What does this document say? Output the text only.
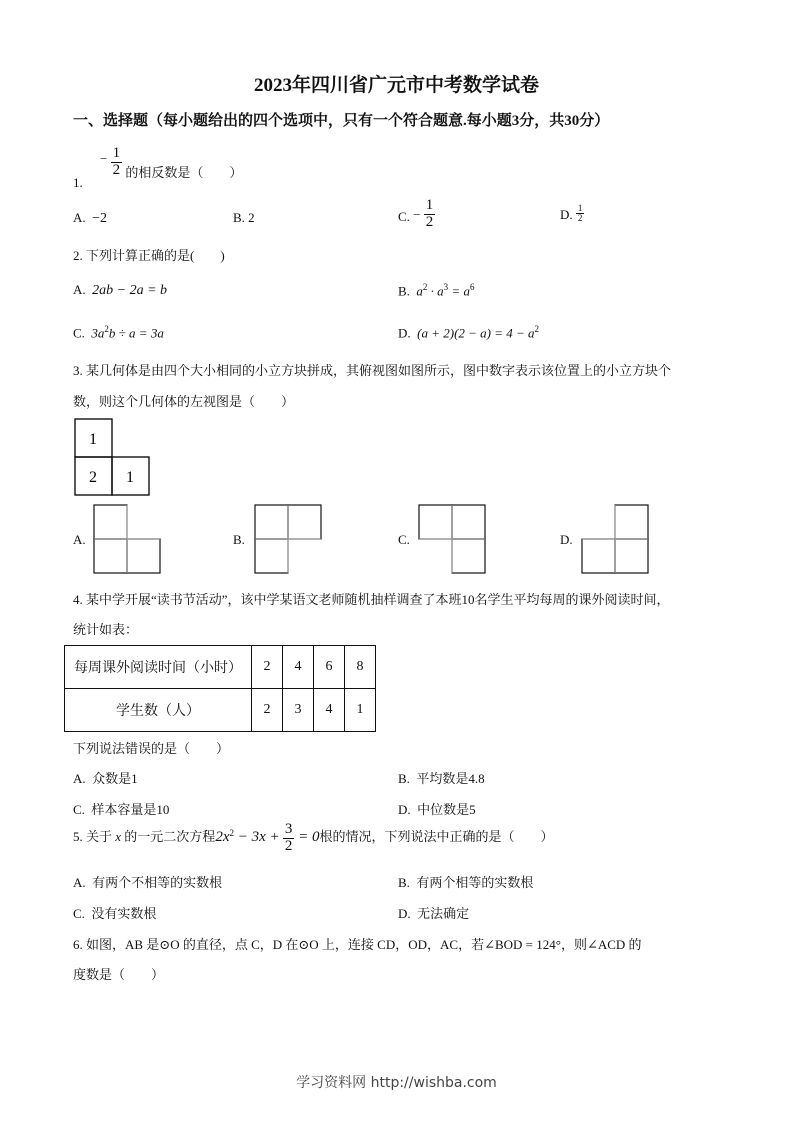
2023年四川省广元市中考数学试卷
一、选择题（每小题给出的四个选项中，只有一个符合题意.每小题3分，共30分）
1. − $\frac{1}{2}$ 的相反数是（　　）
A. −2	B. 2	C. − $\frac{1}{2}$	D. $\frac{1}{2}$
2. 下列计算正确的是(　　)
A. 2ab − 2a = b	B. $a^2 \cdot a^3 = a^6$
C. $3a^2b \div a = 3a$	D. $(a + 2)(2 - a) = 4 - a^2$
3. 某几何体是由四个大小相同的小立方块拼成，其俯视图如图所示，图中数字表示该位置上的小立方块个
数，则这个几何体的左视图是（　　）
1
2 1
A.	B.	C.	D.
4. 某中学开展“读书节活动”，该中学某语文老师随机抽样调查了本班10名学生平均每周的课外阅读时间，
统计如表：
每周课外阅读时间（小时）	2	4	6	8
学生数（人）	2	3	4	1
下列说法错误的是（　　）
A. 众数是1	B. 平均数是4.8
C. 样本容量是10	D. 中位数是5
5. 关于 x 的一元二次方程$2x^2 - 3x + \frac{3}{2} = 0$根的情况，下列说法中正确的是（　　）
A. 有两个不相等的实数根	B. 有两个相等的实数根
C. 没有实数根	D. 无法确定
6. 如图，AB 是⊙O 的直径，点 C，D 在⊙O 上，连接 CD，OD，AC，若∠BOD = 124°，则∠ACD 的
度数是（　　）
学习资料网 http://wishba.com
